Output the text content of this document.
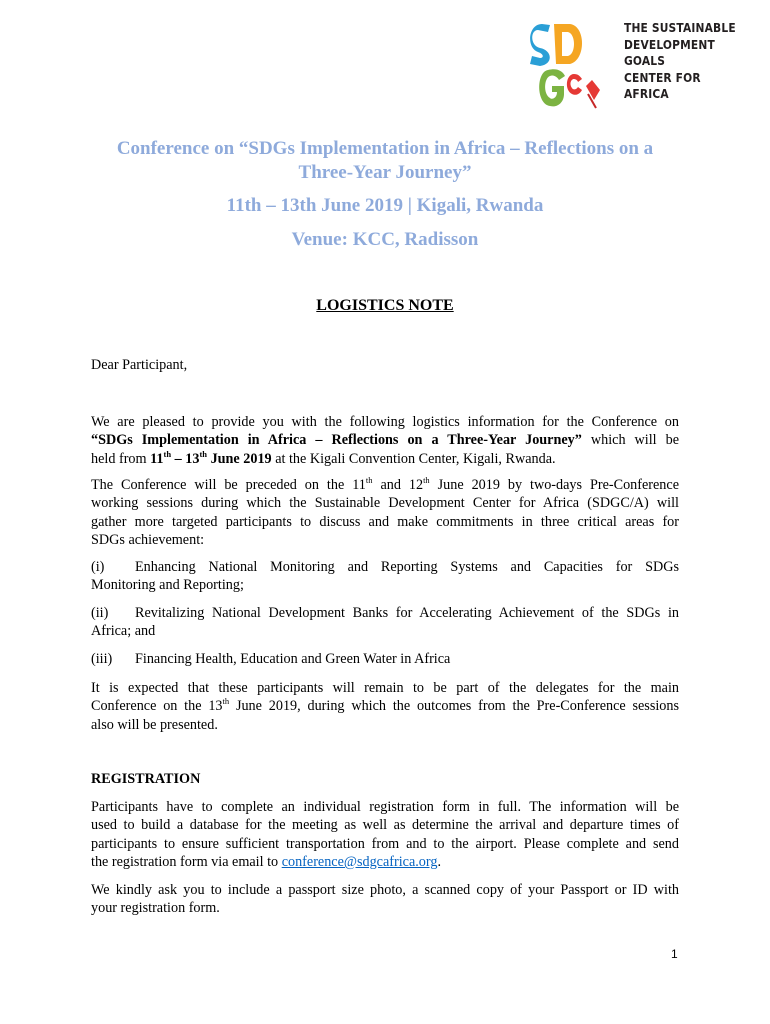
THE SUSTAINABLE
DEVELOPMENT
GOALS
CENTER FOR
AFRICA
Conference on “SDGs Implementation in Africa – Reflections on a
Three-Year Journey”
11th – 13th June 2019 | Kigali, Rwanda
Venue: KCC, Radisson
LOGISTICS NOTE
Dear Participant,
We are pleased to provide you with the following logistics information for the Conference on
“SDGs Implementation in Africa – Reflections on a Three-Year Journey” which will be
held from 11th – 13th June 2019 at the Kigali Convention Center, Kigali, Rwanda.
The Conference will be preceded on the 11th and 12th June 2019 by two-days Pre-Conference
working sessions during which the Sustainable Development Center for Africa (SDGC/A) will
gather more targeted participants to discuss and make commitments in three critical areas for
SDGs achievement:
(i)	Enhancing National Monitoring and Reporting Systems and Capacities for SDGs
Monitoring and Reporting;
(ii)	Revitalizing National Development Banks for Accelerating Achievement of the SDGs in
Africa; and
(iii)	Financing Health, Education and Green Water in Africa
It is expected that these participants will remain to be part of the delegates for the main
Conference on the 13th June 2019, during which the outcomes from the Pre-Conference sessions
also will be presented.
REGISTRATION
Participants have to complete an individual registration form in full. The information will be
used to build a database for the meeting as well as determine the arrival and departure times of
participants to ensure sufficient transportation from and to the airport. Please complete and send
the registration form via email to conference@sdgcafrica.org.
We kindly ask you to include a passport size photo, a scanned copy of your Passport or ID with
your registration form.
1
